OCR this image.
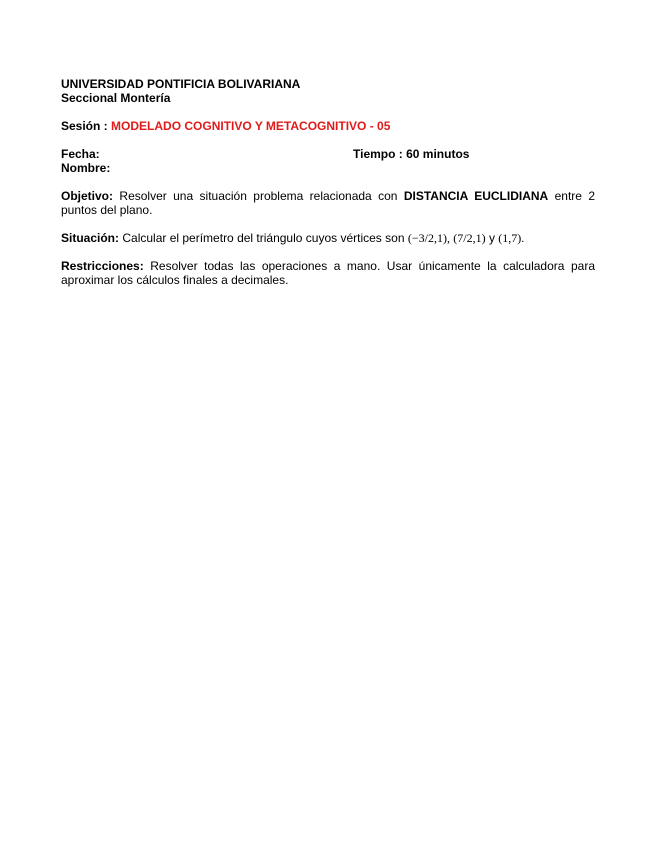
UNIVERSIDAD PONTIFICIA BOLIVARIANA
Seccional Montería
Sesión : MODELADO COGNITIVO Y METACOGNITIVO - 05
Fecha:	Tiempo : 60 minutos
Nombre:
Objetivo: Resolver una situación problema relacionada con DISTANCIA EUCLIDIANA entre 2 puntos del plano.
Situación: Calcular el perímetro del triángulo cuyos vértices son (−3/2,1), (7/2,1) y (1,7).
Restricciones: Resolver todas las operaciones a mano. Usar únicamente la calculadora para aproximar los cálculos finales a decimales.
